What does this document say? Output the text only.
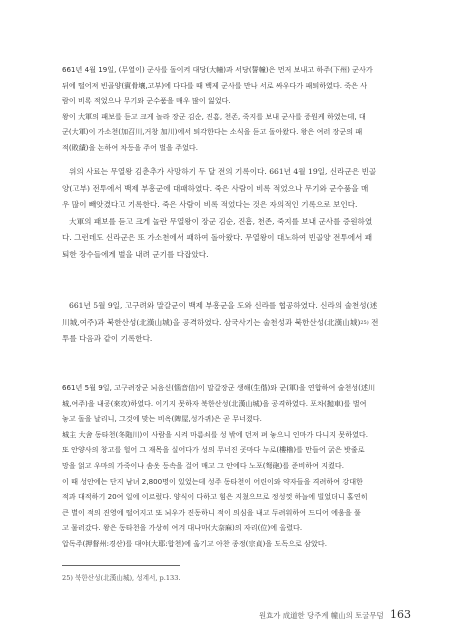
661년 4월 19일, (무열이) 군사를 돌이켜 대당(大幢)과 서당(誓幢)은 먼저 보내고 하주(下州) 군사가

뒤에 떨어져 빈골양(賓骨壤,고부)에 다다를 때 백제 군사를 만나 서로 싸우다가 패퇴하였다. 죽은 사

람이 비록 적었으나 무기와 군수품을 매우 많이 잃었다.

왕이 大軍의 패보를 듣고 크게 놀라 장군 김순, 진흠, 천존, 죽지를 보내 군사를 증원케 하였는데, 대

군(大軍)이 가소천(加召川,거창 加川)에서 퇴각한다는 소식을 듣고 돌아왔다. 왕은 여러 장군의 패

적(敗績)을 논하여 차등을 주어 벌을 주었다.

위의 사료는 무열왕 김춘추가 사망하기 두 달 전의 기록이다. 661년 4월 19일, 신라군은 빈골

양(고부) 전투에서 백제 부흥군에 대패하였다. 죽은 사람이 비록 적었으나 무기와 군수품을 매

우 많이 빼앗겼다고 기록한다. 죽은 사람이 비록 적었다는 것은 자의적인 기록으로 보인다.

大軍의 패보를 듣고 크게 놀란 무열왕이 장군 김순, 진흠, 천존, 죽지를 보내 군사를 증원하였

다. 그런데도 신라군은 또 가소천에서 패하여 돌아왔다. 무열왕이 대노하여 빈골양 전투에서 패

퇴한 장수들에게 벌을 내려 군기를 다잡았다.

661년 5월 9일, 고구려와 말갈군이 백제 부흥군을 도와 신라를 협공하였다. 신라의 술천성(述

川城,여주)과 북한산성(北漢山城)을 공격하였다. 삼국사기는 술천성과 북한산성(北漢山城)$^{25)}$ 전

투를 다음과 같이 기록한다.

661년 5월 9일, 고구려장군 뇌음신(惱音信)이 말갈장군 생해(生偕)와 군(軍)을 연합하여 술천성(述川

城,여주)을 내공(來攻)하였다. 이기지 못하자 북한산성(北漢山城)을 공격하였다. 포차(抛車)를 벌여

놓고 돌을 날리니, 그것에 맞는 비옥(陴屋,성가퀴)은 곧 무너졌다.

城主 大舍 동타천(冬陁川)이 사람을 시켜 마름쇠를 성 밖에 던져 펴 놓으니 인마가 다니지 못하였다.

또 안양사의 창고를 헐어 그 재목을 실어다가 성의 무너진 곳마다 누로(樓櫓)를 만들어 굵은 밧줄로

망을 얽고 우마의 가죽이나 솜옷 등속을 걸어 매고 그 안에다 노포(弩砲)를 준비하여 지켰다.

이 때 성안에는 단지 남녀 2,800명이 있었는데 성주 동타천이 어린이와 약자들을 격려하여 강대한

적과 대적하기 20여 일에 이르렀다. 양식이 다하고 힘은 지쳤으므로 정성껏 하늘에 빌었더니 홀연히

큰 별이 적의 진영에 떨어지고 또 뇌우가 진동하니 적이 의심을 내고 두려워하여 드디어 에움을 풀

고 물러갔다. 왕은 동타천을 가상히 여겨 대나마(大奈麻)의 자리(位)에 올렸다.

압독주(押督州:경산)를 대야(大耶:합천)에 옮기고 아찬 종정(宗貞)을 도독으로 삼았다.

25) 북한산성(北漢山城), 성계서, p.133.
원효가 成道한 당주계 幢山의 토굴무덤 163
